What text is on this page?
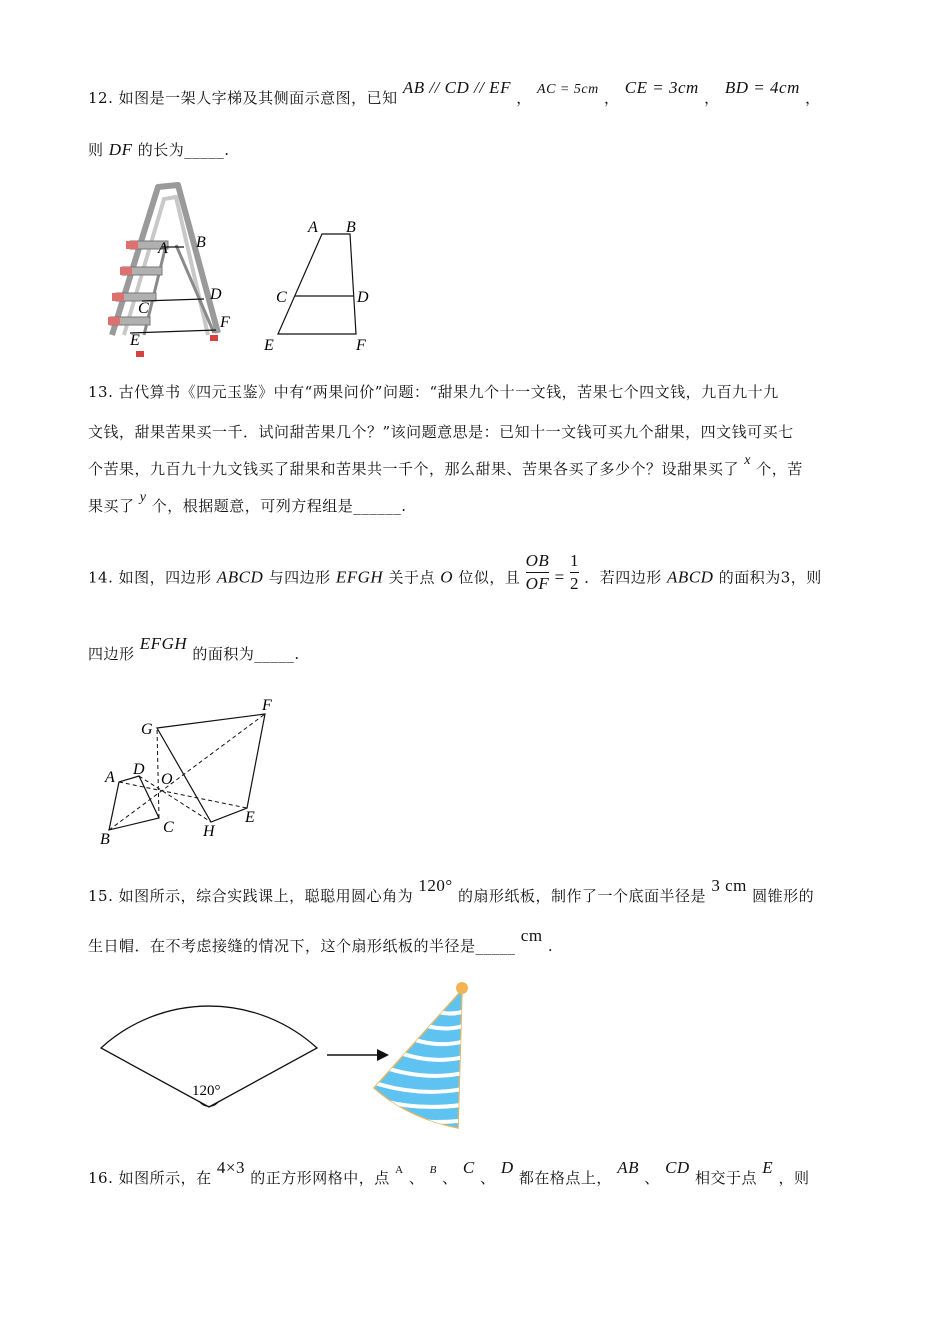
12. 如图是一架人字梯及其侧面示意图，已知 AB // CD // EF ， AC = 5cm ， CE = 3cm ， BD = 4cm ，
则 DF 的长为_____.
A B
C
D
E
F
A B
C	D
E	F
13. 古代算书《四元玉鉴》中有“两果问价”问题：“甜果九个十一文钱，苦果七个四文钱，九百九十九
文钱，甜果苦果买一千．试问甜苦果几个？”该问题意思是：已知十一文钱可买九个甜果，四文钱可买七
个苦果，九百九十九文钱买了甜果和苦果共一千个，那么甜果、苦果各买了多少个？设甜果买了 x 个，苦
果买了 y 个，根据题意，可列方程组是______.
14. 如图，四边形 ABCD 与四边形 EFGH 关于点 O 位似，且 $\frac{OB}{OF} = \frac{1}{2}$ ．若四边形 ABCD 的面积为3，则
四边形 EFGH 的面积为_____.
G
F
A D
O
B
C H
E
15. 如图所示，综合实践课上，聪聪用圆心角为 120° 的扇形纸板，制作了一个底面半径是 3 cm 圆锥形的
生日帽．在不考虑接缝的情况下，这个扇形纸板的半径是_____ cm .
120°
16. 如图所示，在 4×3 的正方形网格中，点 $^A$ 、 $^B$ 、 C 、 D 都在格点上， AB 、 CD 相交于点 E ，则
